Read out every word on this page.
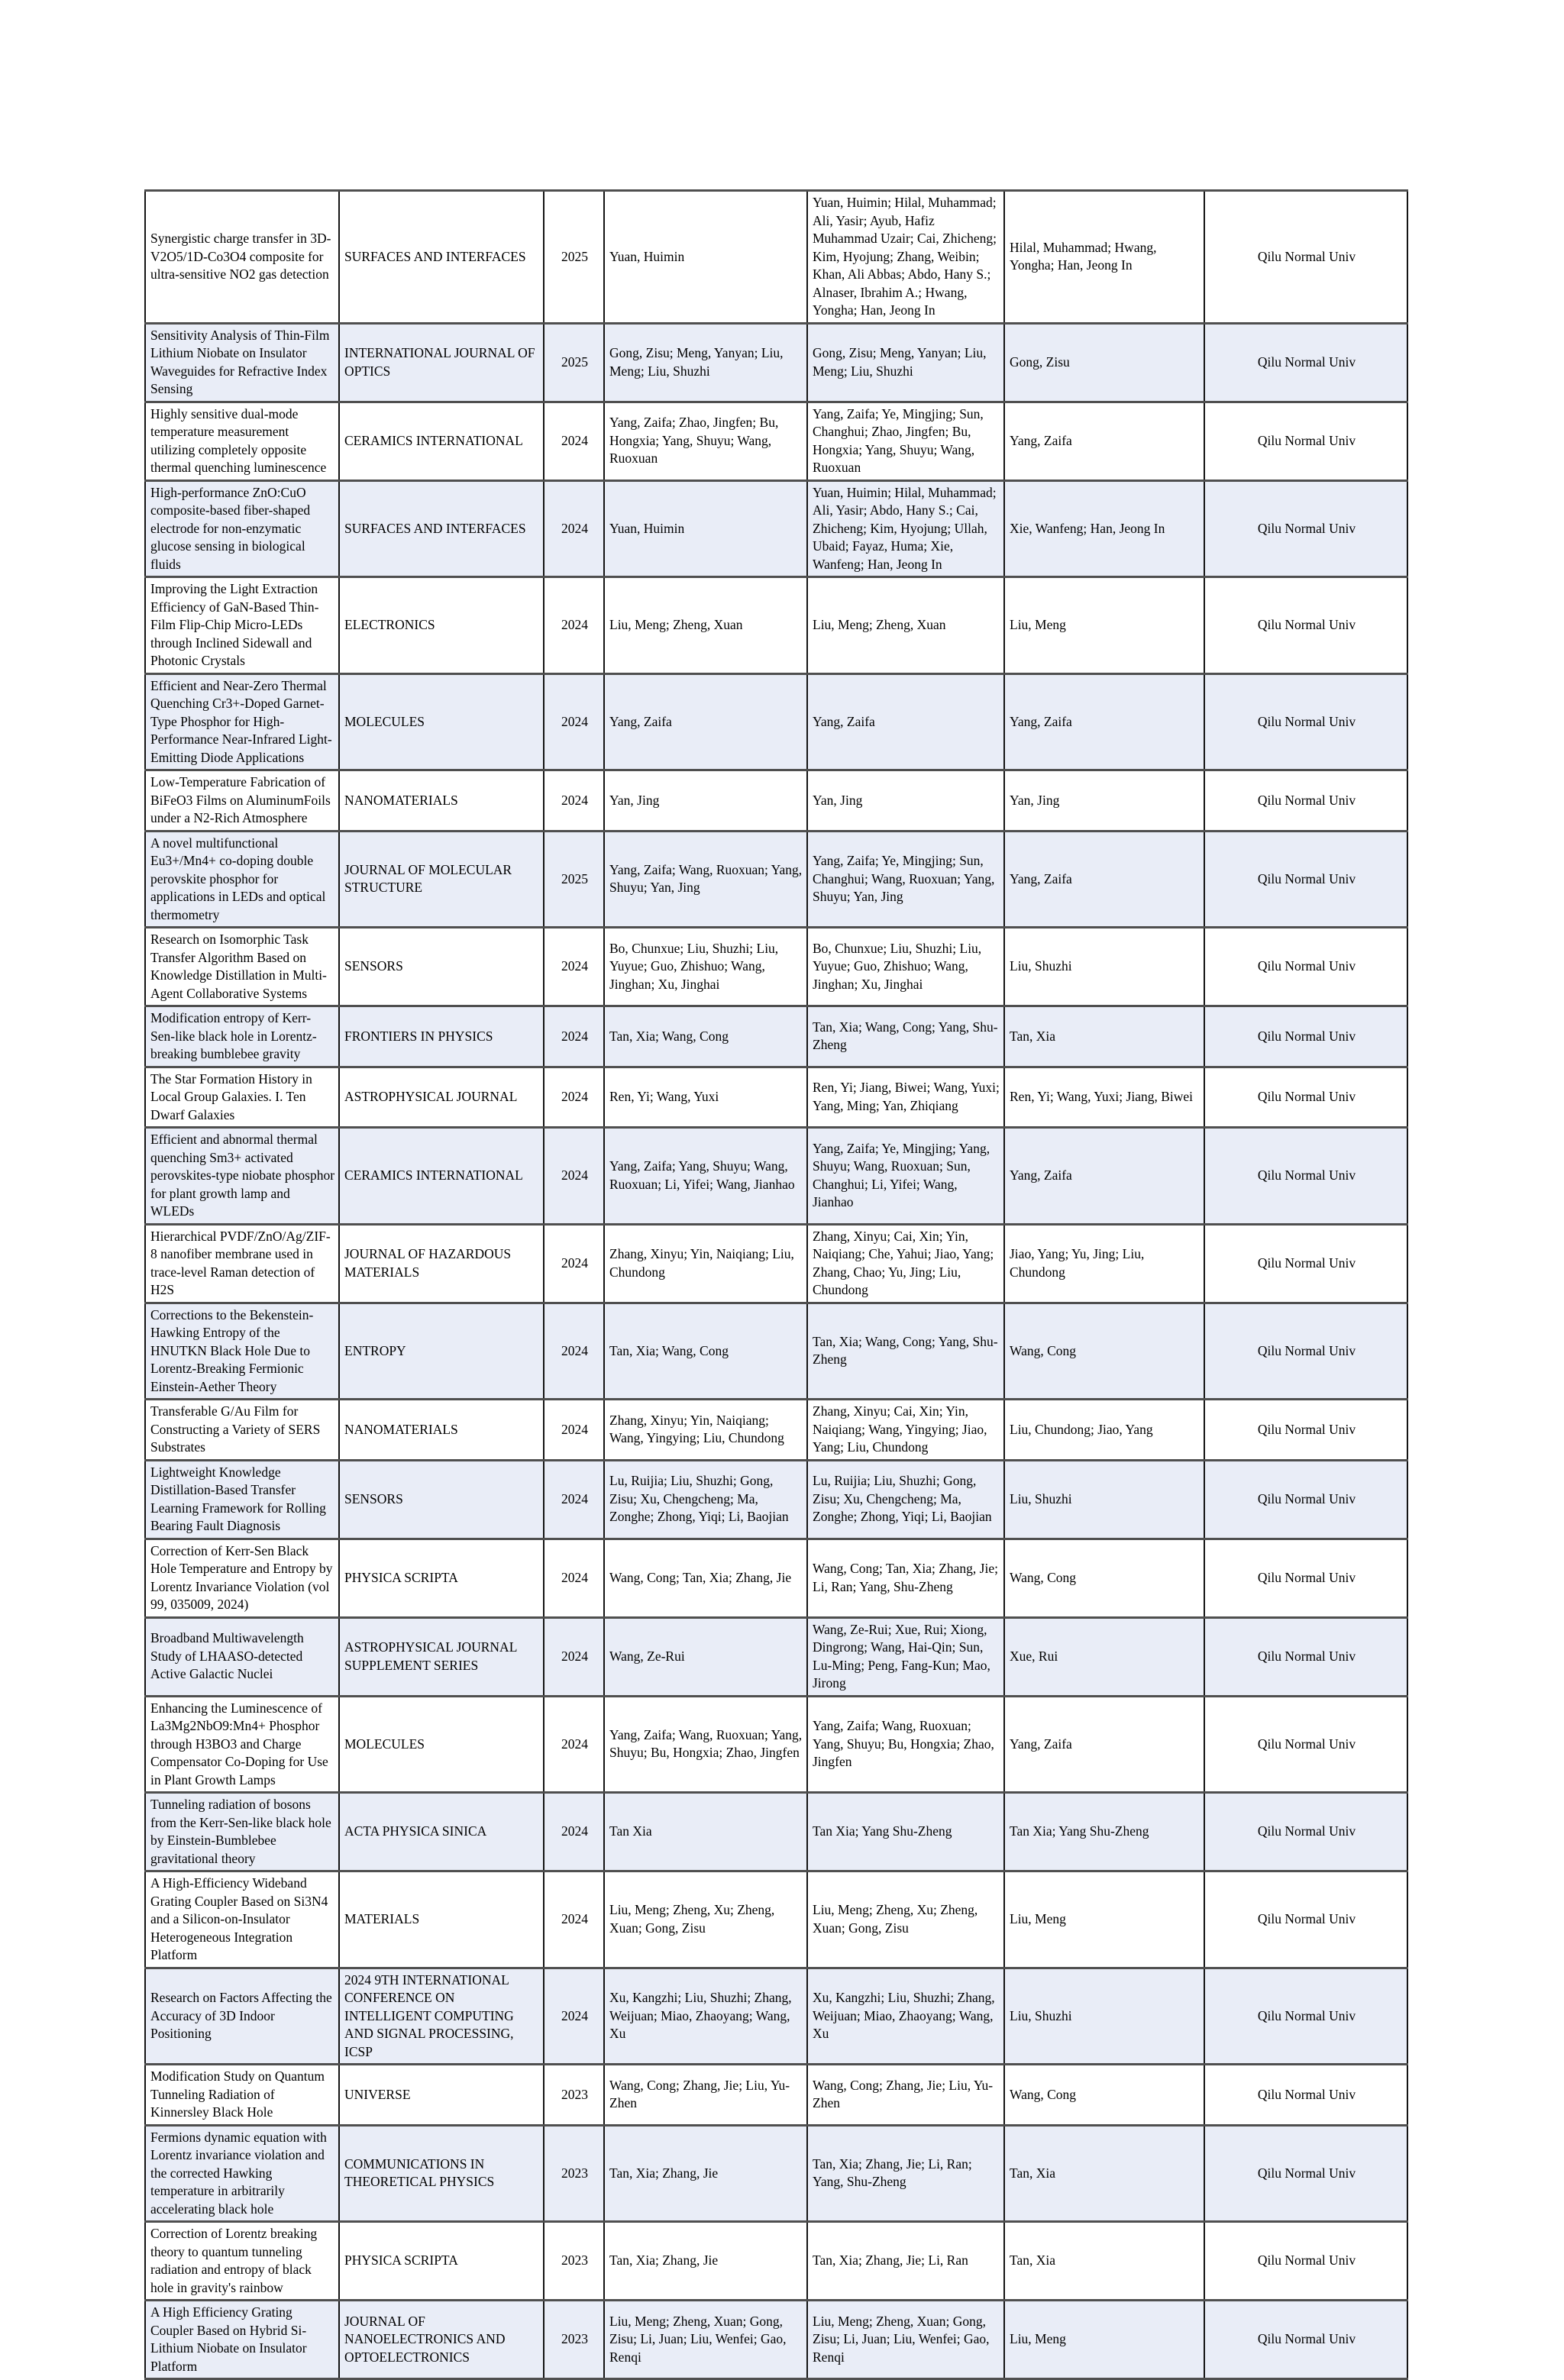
Synergistic charge transfer in 3D-V2O5/1D-Co3O4 composite for ultra-sensitive NO2 gas detection	SURFACES AND INTERFACES	2025	Yuan, Huimin	Yuan, Huimin; Hilal, Muhammad; Ali, Yasir; Ayub, Hafiz Muhammad Uzair; Cai, Zhicheng; Kim, Hyojung; Zhang, Weibin; Khan, Ali Abbas; Abdo, Hany S.; Alnaser, Ibrahim A.; Hwang, Yongha; Han, Jeong In	Hilal, Muhammad; Hwang, Yongha; Han, Jeong In	Qilu Normal Univ
Sensitivity Analysis of Thin-Film Lithium Niobate on Insulator Waveguides for Refractive Index Sensing	INTERNATIONAL JOURNAL OF OPTICS	2025	Gong, Zisu; Meng, Yanyan; Liu, Meng; Liu, Shuzhi	Gong, Zisu; Meng, Yanyan; Liu, Meng; Liu, Shuzhi	Gong, Zisu	Qilu Normal Univ
Highly sensitive dual-mode temperature measurement utilizing completely opposite thermal quenching luminescence	CERAMICS INTERNATIONAL	2024	Yang, Zaifa; Zhao, Jingfen; Bu, Hongxia; Yang, Shuyu; Wang, Ruoxuan	Yang, Zaifa; Ye, Mingjing; Sun, Changhui; Zhao, Jingfen; Bu, Hongxia; Yang, Shuyu; Wang, Ruoxuan	Yang, Zaifa	Qilu Normal Univ
High-performance ZnO:CuO composite-based fiber-shaped electrode for non-enzymatic glucose sensing in biological fluids	SURFACES AND INTERFACES	2024	Yuan, Huimin	Yuan, Huimin; Hilal, Muhammad; Ali, Yasir; Abdo, Hany S.; Cai, Zhicheng; Kim, Hyojung; Ullah, Ubaid; Fayaz, Huma; Xie, Wanfeng; Han, Jeong In	Xie, Wanfeng; Han, Jeong In	Qilu Normal Univ
Improving the Light Extraction Efficiency of GaN-Based Thin-Film Flip-Chip Micro-LEDs through Inclined Sidewall and Photonic Crystals	ELECTRONICS	2024	Liu, Meng; Zheng, Xuan	Liu, Meng; Zheng, Xuan	Liu, Meng	Qilu Normal Univ
Efficient and Near-Zero Thermal Quenching Cr3+-Doped Garnet-Type Phosphor for High-Performance Near-Infrared Light-Emitting Diode Applications	MOLECULES	2024	Yang, Zaifa	Yang, Zaifa	Yang, Zaifa	Qilu Normal Univ
Low-Temperature Fabrication of BiFeO3 Films on AluminumFoils under a N2-Rich Atmosphere	NANOMATERIALS	2024	Yan, Jing	Yan, Jing	Yan, Jing	Qilu Normal Univ
A novel multifunctional Eu3+/Mn4+ co-doping double perovskite phosphor for applications in LEDs and optical thermometry	JOURNAL OF MOLECULAR STRUCTURE	2025	Yang, Zaifa; Wang, Ruoxuan; Yang, Shuyu; Yan, Jing	Yang, Zaifa; Ye, Mingjing; Sun, Changhui; Wang, Ruoxuan; Yang, Shuyu; Yan, Jing	Yang, Zaifa	Qilu Normal Univ
Research on Isomorphic Task Transfer Algorithm Based on Knowledge Distillation in Multi-Agent Collaborative Systems	SENSORS	2024	Bo, Chunxue; Liu, Shuzhi; Liu, Yuyue; Guo, Zhishuo; Wang, Jinghan; Xu, Jinghai	Bo, Chunxue; Liu, Shuzhi; Liu, Yuyue; Guo, Zhishuo; Wang, Jinghan; Xu, Jinghai	Liu, Shuzhi	Qilu Normal Univ
Modification entropy of Kerr-Sen-like black hole in Lorentz-breaking bumblebee gravity	FRONTIERS IN PHYSICS	2024	Tan, Xia; Wang, Cong	Tan, Xia; Wang, Cong; Yang, Shu-Zheng	Tan, Xia	Qilu Normal Univ
The Star Formation History in Local Group Galaxies. I. Ten Dwarf Galaxies	ASTROPHYSICAL JOURNAL	2024	Ren, Yi; Wang, Yuxi	Ren, Yi; Jiang, Biwei; Wang, Yuxi; Yang, Ming; Yan, Zhiqiang	Ren, Yi; Wang, Yuxi; Jiang, Biwei	Qilu Normal Univ
Efficient and abnormal thermal quenching Sm3+ activated perovskites-type niobate phosphor for plant growth lamp and WLEDs	CERAMICS INTERNATIONAL	2024	Yang, Zaifa; Yang, Shuyu; Wang, Ruoxuan; Li, Yifei; Wang, Jianhao	Yang, Zaifa; Ye, Mingjing; Yang, Shuyu; Wang, Ruoxuan; Sun, Changhui; Li, Yifei; Wang, Jianhao	Yang, Zaifa	Qilu Normal Univ
Hierarchical PVDF/ZnO/Ag/ZIF-8 nanofiber membrane used in trace-level Raman detection of H2S	JOURNAL OF HAZARDOUS MATERIALS	2024	Zhang, Xinyu; Yin, Naiqiang; Liu, Chundong	Zhang, Xinyu; Cai, Xin; Yin, Naiqiang; Che, Yahui; Jiao, Yang; Zhang, Chao; Yu, Jing; Liu, Chundong	Jiao, Yang; Yu, Jing; Liu, Chundong	Qilu Normal Univ
Corrections to the Bekenstein-Hawking Entropy of the HNUTKN Black Hole Due to Lorentz-Breaking Fermionic Einstein-Aether Theory	ENTROPY	2024	Tan, Xia; Wang, Cong	Tan, Xia; Wang, Cong; Yang, Shu-Zheng	Wang, Cong	Qilu Normal Univ
Transferable G/Au Film for Constructing a Variety of SERS Substrates	NANOMATERIALS	2024	Zhang, Xinyu; Yin, Naiqiang; Wang, Yingying; Liu, Chundong	Zhang, Xinyu; Cai, Xin; Yin, Naiqiang; Wang, Yingying; Jiao, Yang; Liu, Chundong	Liu, Chundong; Jiao, Yang	Qilu Normal Univ
Lightweight Knowledge Distillation-Based Transfer Learning Framework for Rolling Bearing Fault Diagnosis	SENSORS	2024	Lu, Ruijia; Liu, Shuzhi; Gong, Zisu; Xu, Chengcheng; Ma, Zonghe; Zhong, Yiqi; Li, Baojian	Lu, Ruijia; Liu, Shuzhi; Gong, Zisu; Xu, Chengcheng; Ma, Zonghe; Zhong, Yiqi; Li, Baojian	Liu, Shuzhi	Qilu Normal Univ
Correction of Kerr-Sen Black Hole Temperature and Entropy by Lorentz Invariance Violation (vol 99, 035009, 2024)	PHYSICA SCRIPTA	2024	Wang, Cong; Tan, Xia; Zhang, Jie	Wang, Cong; Tan, Xia; Zhang, Jie; Li, Ran; Yang, Shu-Zheng	Wang, Cong	Qilu Normal Univ
Broadband Multiwavelength Study of LHAASO-detected Active Galactic Nuclei	ASTROPHYSICAL JOURNAL SUPPLEMENT SERIES	2024	Wang, Ze-Rui	Wang, Ze-Rui; Xue, Rui; Xiong, Dingrong; Wang, Hai-Qin; Sun, Lu-Ming; Peng, Fang-Kun; Mao, Jirong	Xue, Rui	Qilu Normal Univ
Enhancing the Luminescence of La3Mg2NbO9:Mn4+ Phosphor through H3BO3 and Charge Compensator Co-Doping for Use in Plant Growth Lamps	MOLECULES	2024	Yang, Zaifa; Wang, Ruoxuan; Yang, Shuyu; Bu, Hongxia; Zhao, Jingfen	Yang, Zaifa; Wang, Ruoxuan; Yang, Shuyu; Bu, Hongxia; Zhao, Jingfen	Yang, Zaifa	Qilu Normal Univ
Tunneling radiation of bosons from the Kerr-Sen-like black hole by Einstein-Bumblebee gravitational theory	ACTA PHYSICA SINICA	2024	Tan Xia	Tan Xia; Yang Shu-Zheng	Tan Xia; Yang Shu-Zheng	Qilu Normal Univ
A High-Efficiency Wideband Grating Coupler Based on Si3N4 and a Silicon-on-Insulator Heterogeneous Integration Platform	MATERIALS	2024	Liu, Meng; Zheng, Xu; Zheng, Xuan; Gong, Zisu	Liu, Meng; Zheng, Xu; Zheng, Xuan; Gong, Zisu	Liu, Meng	Qilu Normal Univ
Research on Factors Affecting the Accuracy of 3D Indoor Positioning	2024 9TH INTERNATIONAL CONFERENCE ON INTELLIGENT COMPUTING AND SIGNAL PROCESSING, ICSP	2024	Xu, Kangzhi; Liu, Shuzhi; Zhang, Weijuan; Miao, Zhaoyang; Wang, Xu	Xu, Kangzhi; Liu, Shuzhi; Zhang, Weijuan; Miao, Zhaoyang; Wang, Xu	Liu, Shuzhi	Qilu Normal Univ
Modification Study on Quantum Tunneling Radiation of Kinnersley Black Hole	UNIVERSE	2023	Wang, Cong; Zhang, Jie; Liu, Yu-Zhen	Wang, Cong; Zhang, Jie; Liu, Yu-Zhen	Wang, Cong	Qilu Normal Univ
Fermions dynamic equation with Lorentz invariance violation and the corrected Hawking temperature in arbitrarily accelerating black hole	COMMUNICATIONS IN THEORETICAL PHYSICS	2023	Tan, Xia; Zhang, Jie	Tan, Xia; Zhang, Jie; Li, Ran; Yang, Shu-Zheng	Tan, Xia	Qilu Normal Univ
Correction of Lorentz breaking theory to quantum tunneling radiation and entropy of black hole in gravity's rainbow	PHYSICA SCRIPTA	2023	Tan, Xia; Zhang, Jie	Tan, Xia; Zhang, Jie; Li, Ran	Tan, Xia	Qilu Normal Univ
A High Efficiency Grating Coupler Based on Hybrid Si-Lithium Niobate on Insulator Platform	JOURNAL OF NANOELECTRONICS AND OPTOELECTRONICS	2023	Liu, Meng; Zheng, Xuan; Gong, Zisu; Li, Juan; Liu, Wenfei; Gao, Renqi	Liu, Meng; Zheng, Xuan; Gong, Zisu; Li, Juan; Liu, Wenfei; Gao, Renqi	Liu, Meng	Qilu Normal Univ
